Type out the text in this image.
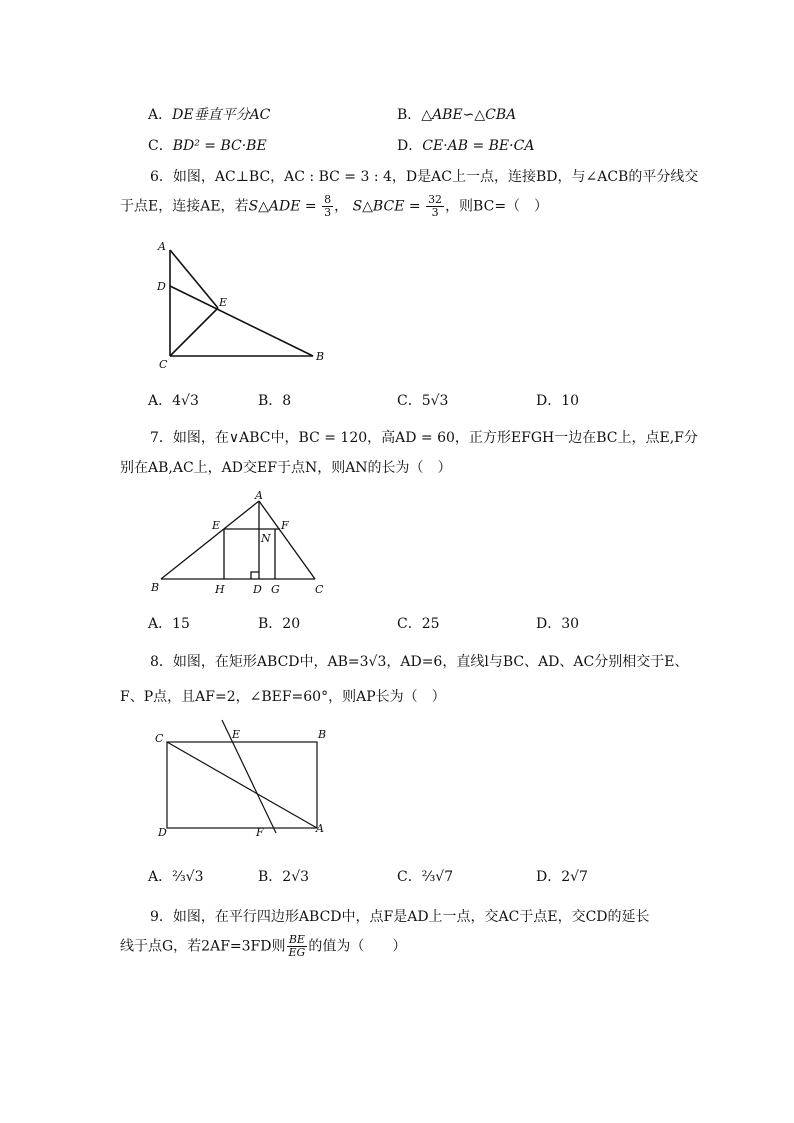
A．DE垂直平分AC	B．△ABE∽△CBA
C．BD² = BC·BE	D．CE·AB = BE·CA
6．如图，AC⊥BC，AC : BC = 3 : 4，D是AC上一点，连接BD，与∠ACB的平分线交
于点E，连接AE，若S△ADE = $\frac{8}{3}$ ， S△BCE = $\frac{32}{3}$ ，则BC=（　）
A
D
E
C
B
A．4√3	B．8	C．5√3	D．10
7．如图，在∨ABC中，BC = 120，高AD = 60，正方形EFGH一边在BC上，点E,F分
别在AB,AC上，AD交EF于点N，则AN的长为（　）
A
E	F
N
B	H	D G	C
A．15	B．20	C．25	D．30
8．如图，在矩形ABCD中，AB=3√3，AD=6，直线l与BC、AD、AC分别相交于E、
F、P点，且AF=2，∠BEF=60°，则AP长为（　）
C	E	B
D	F	A
A．⅔√3	B．2√3	C．⅔√7	D．2√7
9．如图，在平行四边形ABCD中，点F是AD上一点，交AC于点E，交CD的延长
线于点G，若2AF=3FD则 $\frac{BE}{EG}$ 的值为（　　）
